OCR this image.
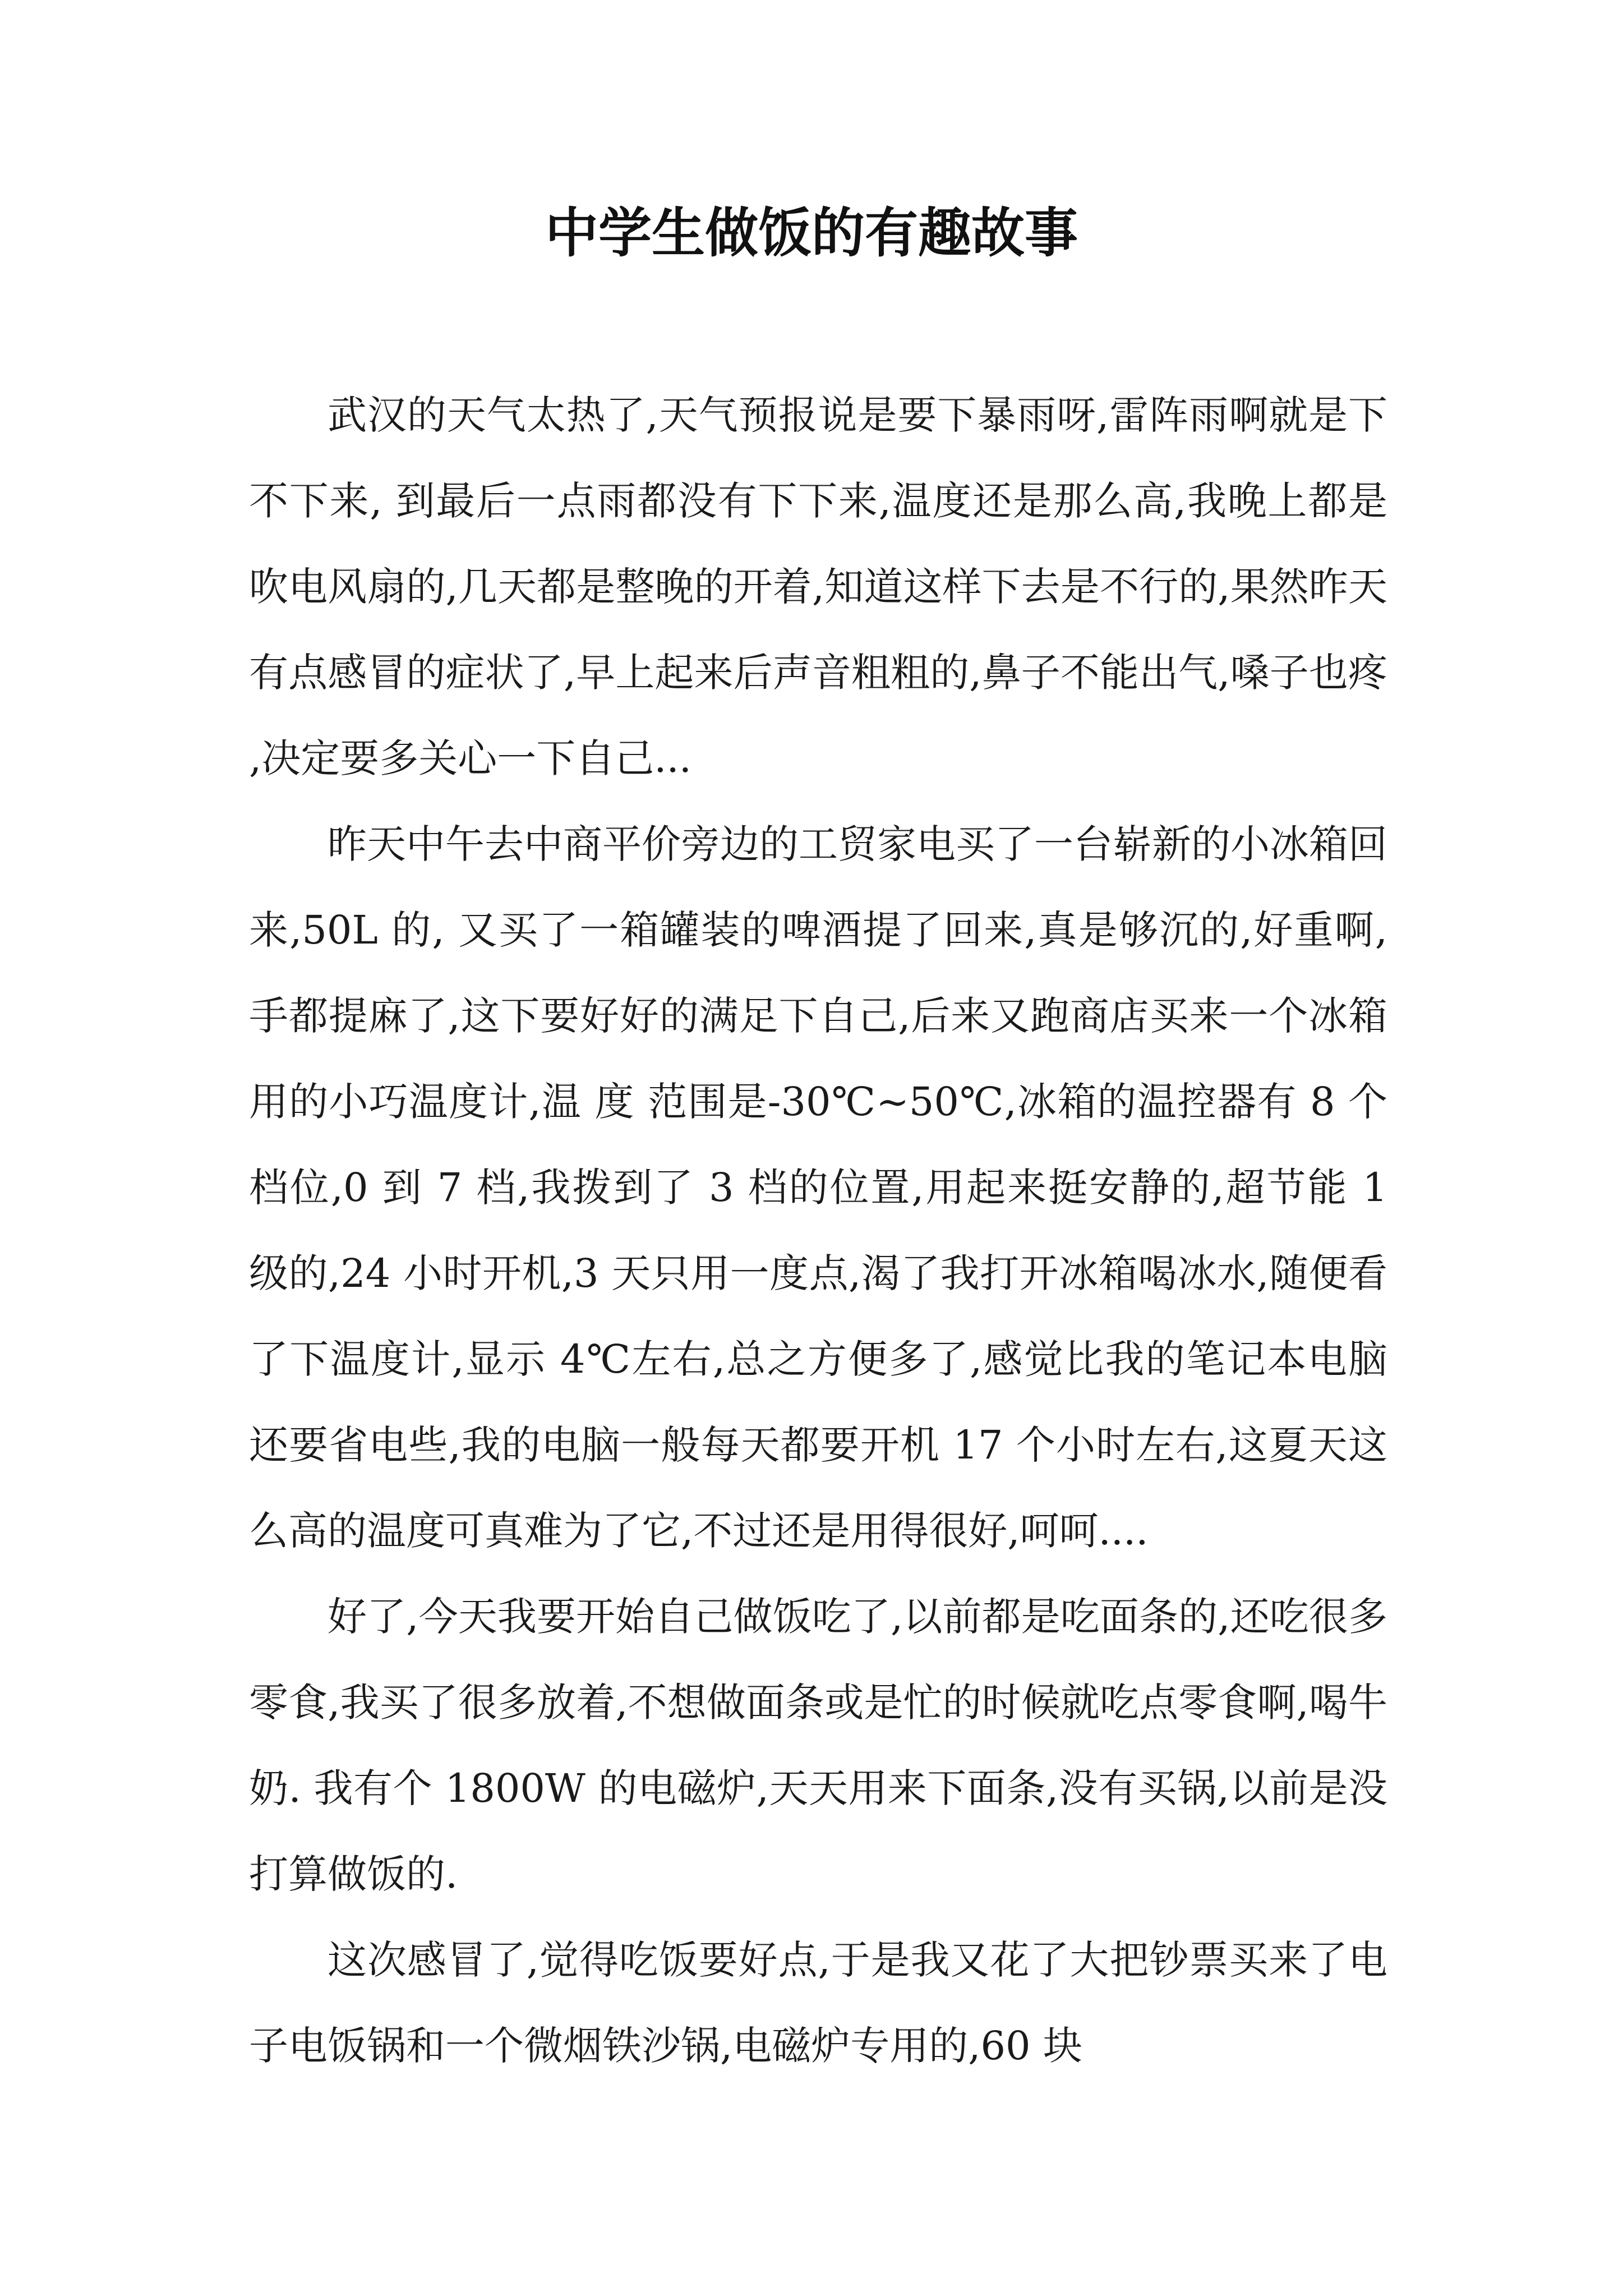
中学生做饭的有趣故事

武汉的天气太热了,天气预报说是要下暴雨呀,雷阵雨啊就是下不下来, 到最后一点雨都没有下下来,温度还是那么高,我晚上都是吹电风扇的,几天都是整晚的开着,知道这样下去是不行的,果然昨天有点感冒的症状了,早上起来后声音粗粗的,鼻子不能出气,嗓子也疼,决定要多关心一下自己...

昨天中午去中商平价旁边的工贸家电买了一台崭新的小冰箱回来,50L 的, 又买了一箱罐装的啤酒提了回来,真是够沉的,好重啊,手都提麻了,这下要好好的满足下自己,后来又跑商店买来一个冰箱用的小巧温度计,温 度 范围是-30℃~50℃,冰箱的温控器有 8 个档位,0 到 7 档,我拨到了 3 档的位置,用起来挺安静的,超节能 1 级的,24 小时开机,3 天只用一度点,渴了我打开冰箱喝冰水,随便看了下温度计,显示 4℃左右,总之方便多了,感觉比我的笔记本电脑还要省电些,我的电脑一般每天都要开机 17 个小时左右,这夏天这么高的温度可真难为了它,不过还是用得很好,呵呵....

好了,今天我要开始自己做饭吃了,以前都是吃面条的,还吃很多零食,我买了很多放着,不想做面条或是忙的时候就吃点零食啊,喝牛奶. 我有个 1800W 的电磁炉,天天用来下面条,没有买锅,以前是没打算做饭的.

这次感冒了,觉得吃饭要好点,于是我又花了大把钞票买来了电子电饭锅和一个微烟铁沙锅,电磁炉专用的,60 块
